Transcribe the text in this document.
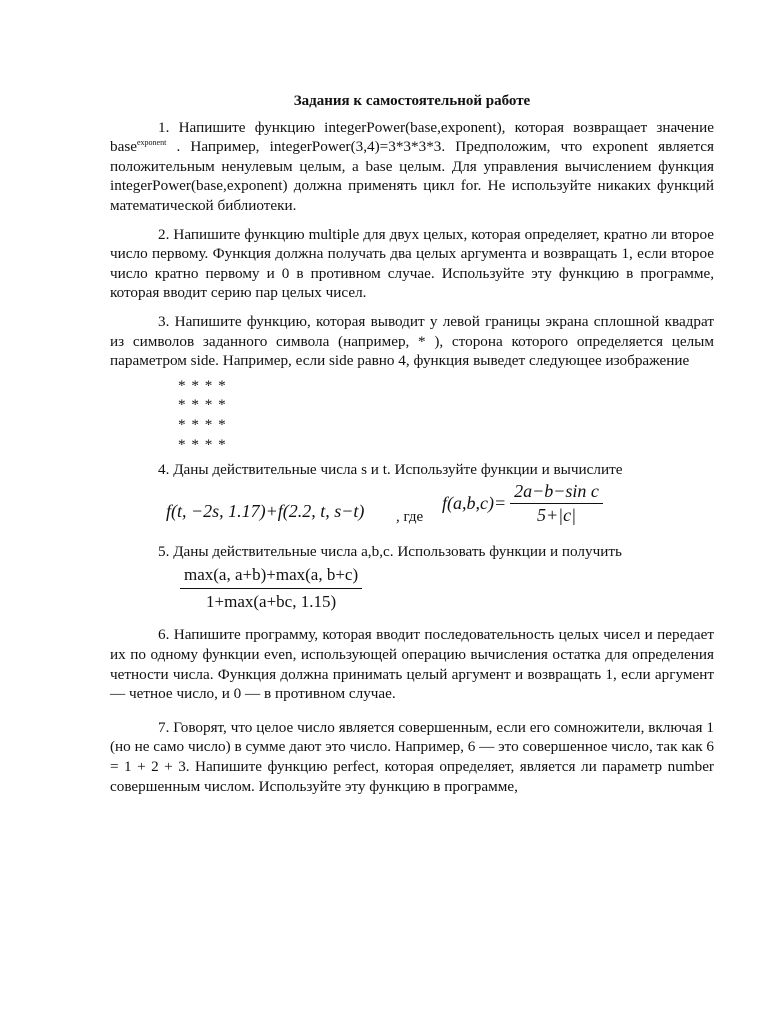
Задания к самостоятельной работе

1. Напишите функцию integerPower(base,exponent), которая возвращает значение base$^{exponent}$ . Например, integerPower(3,4)=3*3*3*3. Предположим, что exponent является положительным ненулевым целым, а base целым. Для управления вычислением функция integerPower(base,exponent) должна применять цикл for. Не используйте никаких функций математической библиотеки.

2. Напишите функцию multiple для двух целых, которая определяет, кратно ли второе число первому. Функция должна получать два целых аргумента и возвращать 1, если второе число кратно первому и 0 в противном случае. Используйте эту функцию в программе, которая вводит серию пар целых чисел.

3. Напишите функцию, которая выводит у левой границы экрана сплошной квадрат из символов заданного символа (например, * ), сторона которого определяется целым параметром side. Например, если side равно 4, функция выведет следующее изображение

* * * *
* * * *
* * * *
* * * *

4. Даны действительные числа s и t. Используйте функции и вычислите

f(t, −2s, 1.17)+f(2.2, t, s−t) , где
$f(a,b,c)= \frac{\text{2a−b−sin c}}{5+|c|}$

5. Даны действительные числа a,b,c. Использовать функции и получить

$\frac{\max(a, a+b)+\max(a, b+c)}{1+\max(a+bc, 1.15)}$

6. Напишите программу, которая вводит последовательность целых чисел и передает их по одному функции even, использующей операцию вычисления остатка для определения четности числа. Функция должна принимать целый аргумент и возвращать 1, если аргумент — четное число, и 0 — в противном случае.

7. Говорят, что целое число является совершенным, если его сомножители, включая 1 (но не само число) в сумме дают это число. Например, 6 — это совершенное число, так как 6 = 1 + 2 + 3. Напишите функцию perfect, которая определяет, является ли параметр number совершенным числом. Используйте эту функцию в программе,
